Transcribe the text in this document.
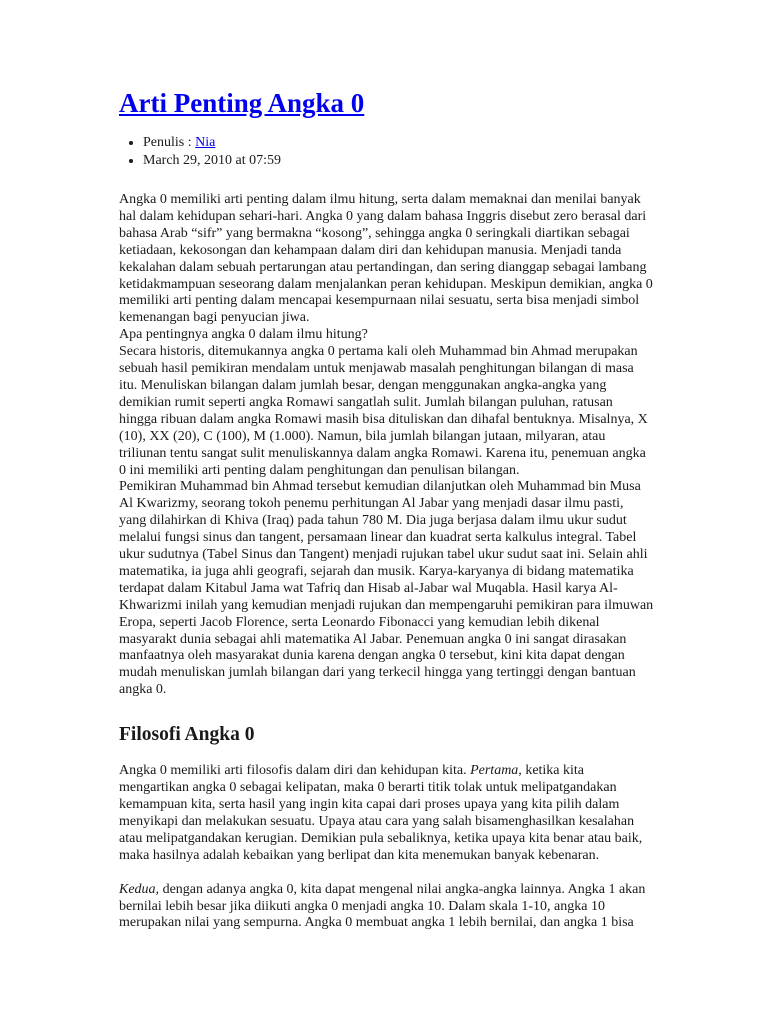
Arti Penting Angka 0
• Penulis : Nia
• March 29, 2010 at 07:59

Angka 0 memiliki arti penting dalam ilmu hitung, serta dalam memaknai dan menilai banyak hal dalam kehidupan sehari-hari. Angka 0 yang dalam bahasa Inggris disebut zero berasal dari bahasa Arab “sifr” yang bermakna “kosong”, sehingga angka 0 seringkali diartikan sebagai ketiadaan, kekosongan dan kehampaan dalam diri dan kehidupan manusia. Menjadi tanda kekalahan dalam sebuah pertarungan atau pertandingan, dan sering dianggap sebagai lambang ketidakmampuan seseorang dalam menjalankan peran kehidupan. Meskipun demikian, angka 0 memiliki arti penting dalam mencapai kesempurnaan nilai sesuatu, serta bisa menjadi simbol kemenangan bagi penyucian jiwa.

Apa pentingnya angka 0 dalam ilmu hitung?

Secara historis, ditemukannya angka 0 pertama kali oleh Muhammad bin Ahmad merupakan sebuah hasil pemikiran mendalam untuk menjawab masalah penghitungan bilangan di masa itu. Menuliskan bilangan dalam jumlah besar, dengan menggunakan angka-angka yang demikian rumit seperti angka Romawi sangatlah sulit. Jumlah bilangan puluhan, ratusan hingga ribuan dalam angka Romawi masih bisa dituliskan dan dihafal bentuknya. Misalnya, X (10), XX (20), C (100), M (1.000). Namun, bila jumlah bilangan jutaan, milyaran, atau triliunan tentu sangat sulit menuliskannya dalam angka Romawi. Karena itu, penemuan angka 0 ini memiliki arti penting dalam penghitungan dan penulisan bilangan.

Pemikiran Muhammad bin Ahmad tersebut kemudian dilanjutkan oleh Muhammad bin Musa Al Kwarizmy, seorang tokoh penemu perhitungan Al Jabar yang menjadi dasar ilmu pasti, yang dilahirkan di Khiva (Iraq) pada tahun 780 M. Dia juga berjasa dalam ilmu ukur sudut melalui fungsi sinus dan tangent, persamaan linear dan kuadrat serta kalkulus integral. Tabel ukur sudutnya (Tabel Sinus dan Tangent) menjadi rujukan tabel ukur sudut saat ini. Selain ahli matematika, ia juga ahli geografi, sejarah dan musik. Karya-karyanya di bidang matematika terdapat dalam Kitabul Jama wat Tafriq dan Hisab al-Jabar wal Muqabla. Hasil karya Al-Khwarizmi inilah yang kemudian menjadi rujukan dan mempengaruhi pemikiran para ilmuwan Eropa, seperti Jacob Florence, serta Leonardo Fibonacci yang kemudian lebih dikenal masyarakt dunia sebagai ahli matematika Al Jabar. Penemuan angka 0 ini sangat dirasakan manfaatnya oleh masyarakat dunia karena dengan angka 0 tersebut, kini kita dapat dengan mudah menuliskan jumlah bilangan dari yang terkecil hingga yang tertinggi dengan bantuan angka 0.

Filosofi Angka 0

Angka 0 memiliki arti filosofis dalam diri dan kehidupan kita. Pertama, ketika kita mengartikan angka 0 sebagai kelipatan, maka 0 berarti titik tolak untuk melipatgandakan kemampuan kita, serta hasil yang ingin kita capai dari proses upaya yang kita pilih dalam menyikapi dan melakukan sesuatu. Upaya atau cara yang salah bisamenghasilkan kesalahan atau melipatgandakan kerugian. Demikian pula sebaliknya, ketika upaya kita benar atau baik, maka hasilnya adalah kebaikan yang berlipat dan kita menemukan banyak kebenaran.

Kedua, dengan adanya angka 0, kita dapat mengenal nilai angka-angka lainnya. Angka 1 akan bernilai lebih besar jika diikuti angka 0 menjadi angka 10. Dalam skala 1-10, angka 10 merupakan nilai yang sempurna. Angka 0 membuat angka 1 lebih bernilai, dan angka 1 bisa
